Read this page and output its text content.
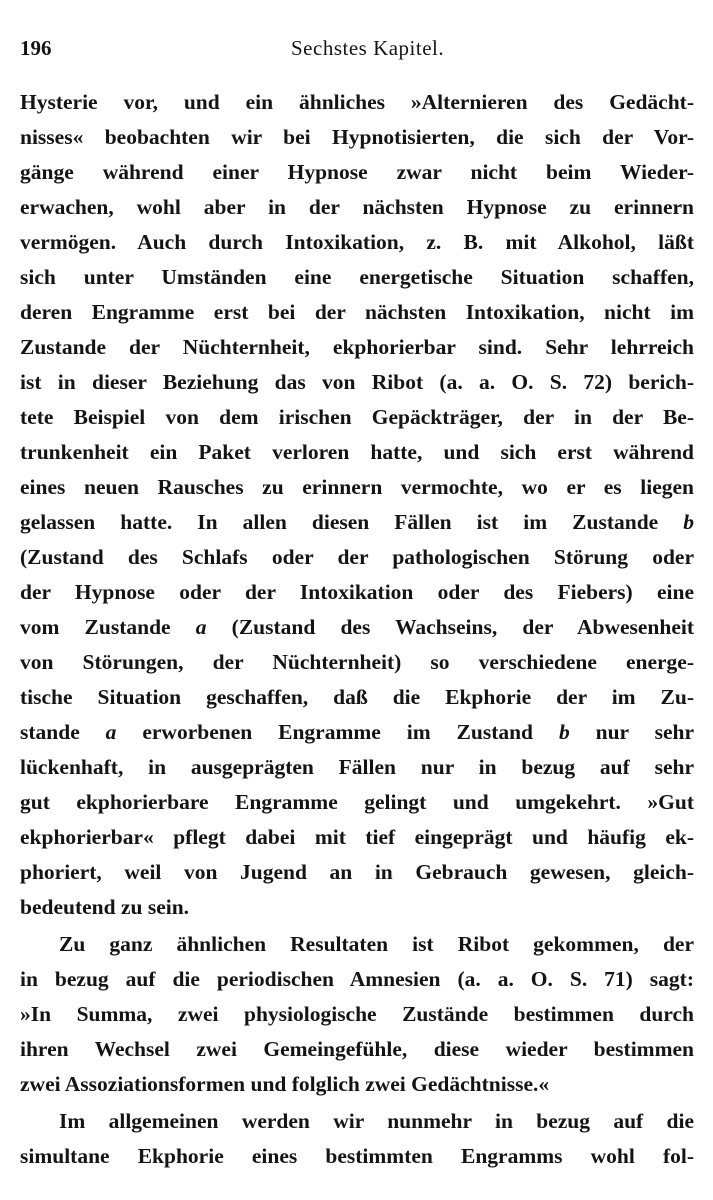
196	Sechstes Kapitel.
Hysterie vor, und ein ähnliches »Alternieren des Gedächt-
nisses« beobachten wir bei Hypnotisierten, die sich der Vor-
gänge während einer Hypnose zwar nicht beim Wieder-
erwachen, wohl aber in der nächsten Hypnose zu erinnern
vermögen. Auch durch Intoxikation, z. B. mit Alkohol, läßt
sich unter Umständen eine energetische Situation schaffen,
deren Engramme erst bei der nächsten Intoxikation, nicht im
Zustande der Nüchternheit, ekphorierbar sind. Sehr lehrreich
ist in dieser Beziehung das von Ribot (a. a. O. S. 72) berich-
tete Beispiel von dem irischen Gepäckträger, der in der Be-
trunkenheit ein Paket verloren hatte, und sich erst während
eines neuen Rausches zu erinnern vermochte, wo er es liegen
gelassen hatte. In allen diesen Fällen ist im Zustande b
(Zustand des Schlafs oder der pathologischen Störung oder
der Hypnose oder der Intoxikation oder des Fiebers) eine
vom Zustande a (Zustand des Wachseins, der Abwesenheit
von Störungen, der Nüchternheit) so verschiedene energe-
tische Situation geschaffen, daß die Ekphorie der im Zu-
stande a erworbenen Engramme im Zustand b nur sehr
lückenhaft, in ausgeprägten Fällen nur in bezug auf sehr
gut ekphorierbare Engramme gelingt und umgekehrt. »Gut
ekphorierbar« pflegt dabei mit tief eingeprägt und häufig ek-
phoriert, weil von Jugend an in Gebrauch gewesen, gleich-
bedeutend zu sein.
Zu ganz ähnlichen Resultaten ist Ribot gekommen, der
in bezug auf die periodischen Amnesien (a. a. O. S. 71) sagt:
»In Summa, zwei physiologische Zustände bestimmen durch
ihren Wechsel zwei Gemeingefühle, diese wieder bestimmen
zwei Assoziationsformen und folglich zwei Gedächtnisse.«
Im allgemeinen werden wir nunmehr in bezug auf die
simultane Ekphorie eines bestimmten Engramms wohl fol-
